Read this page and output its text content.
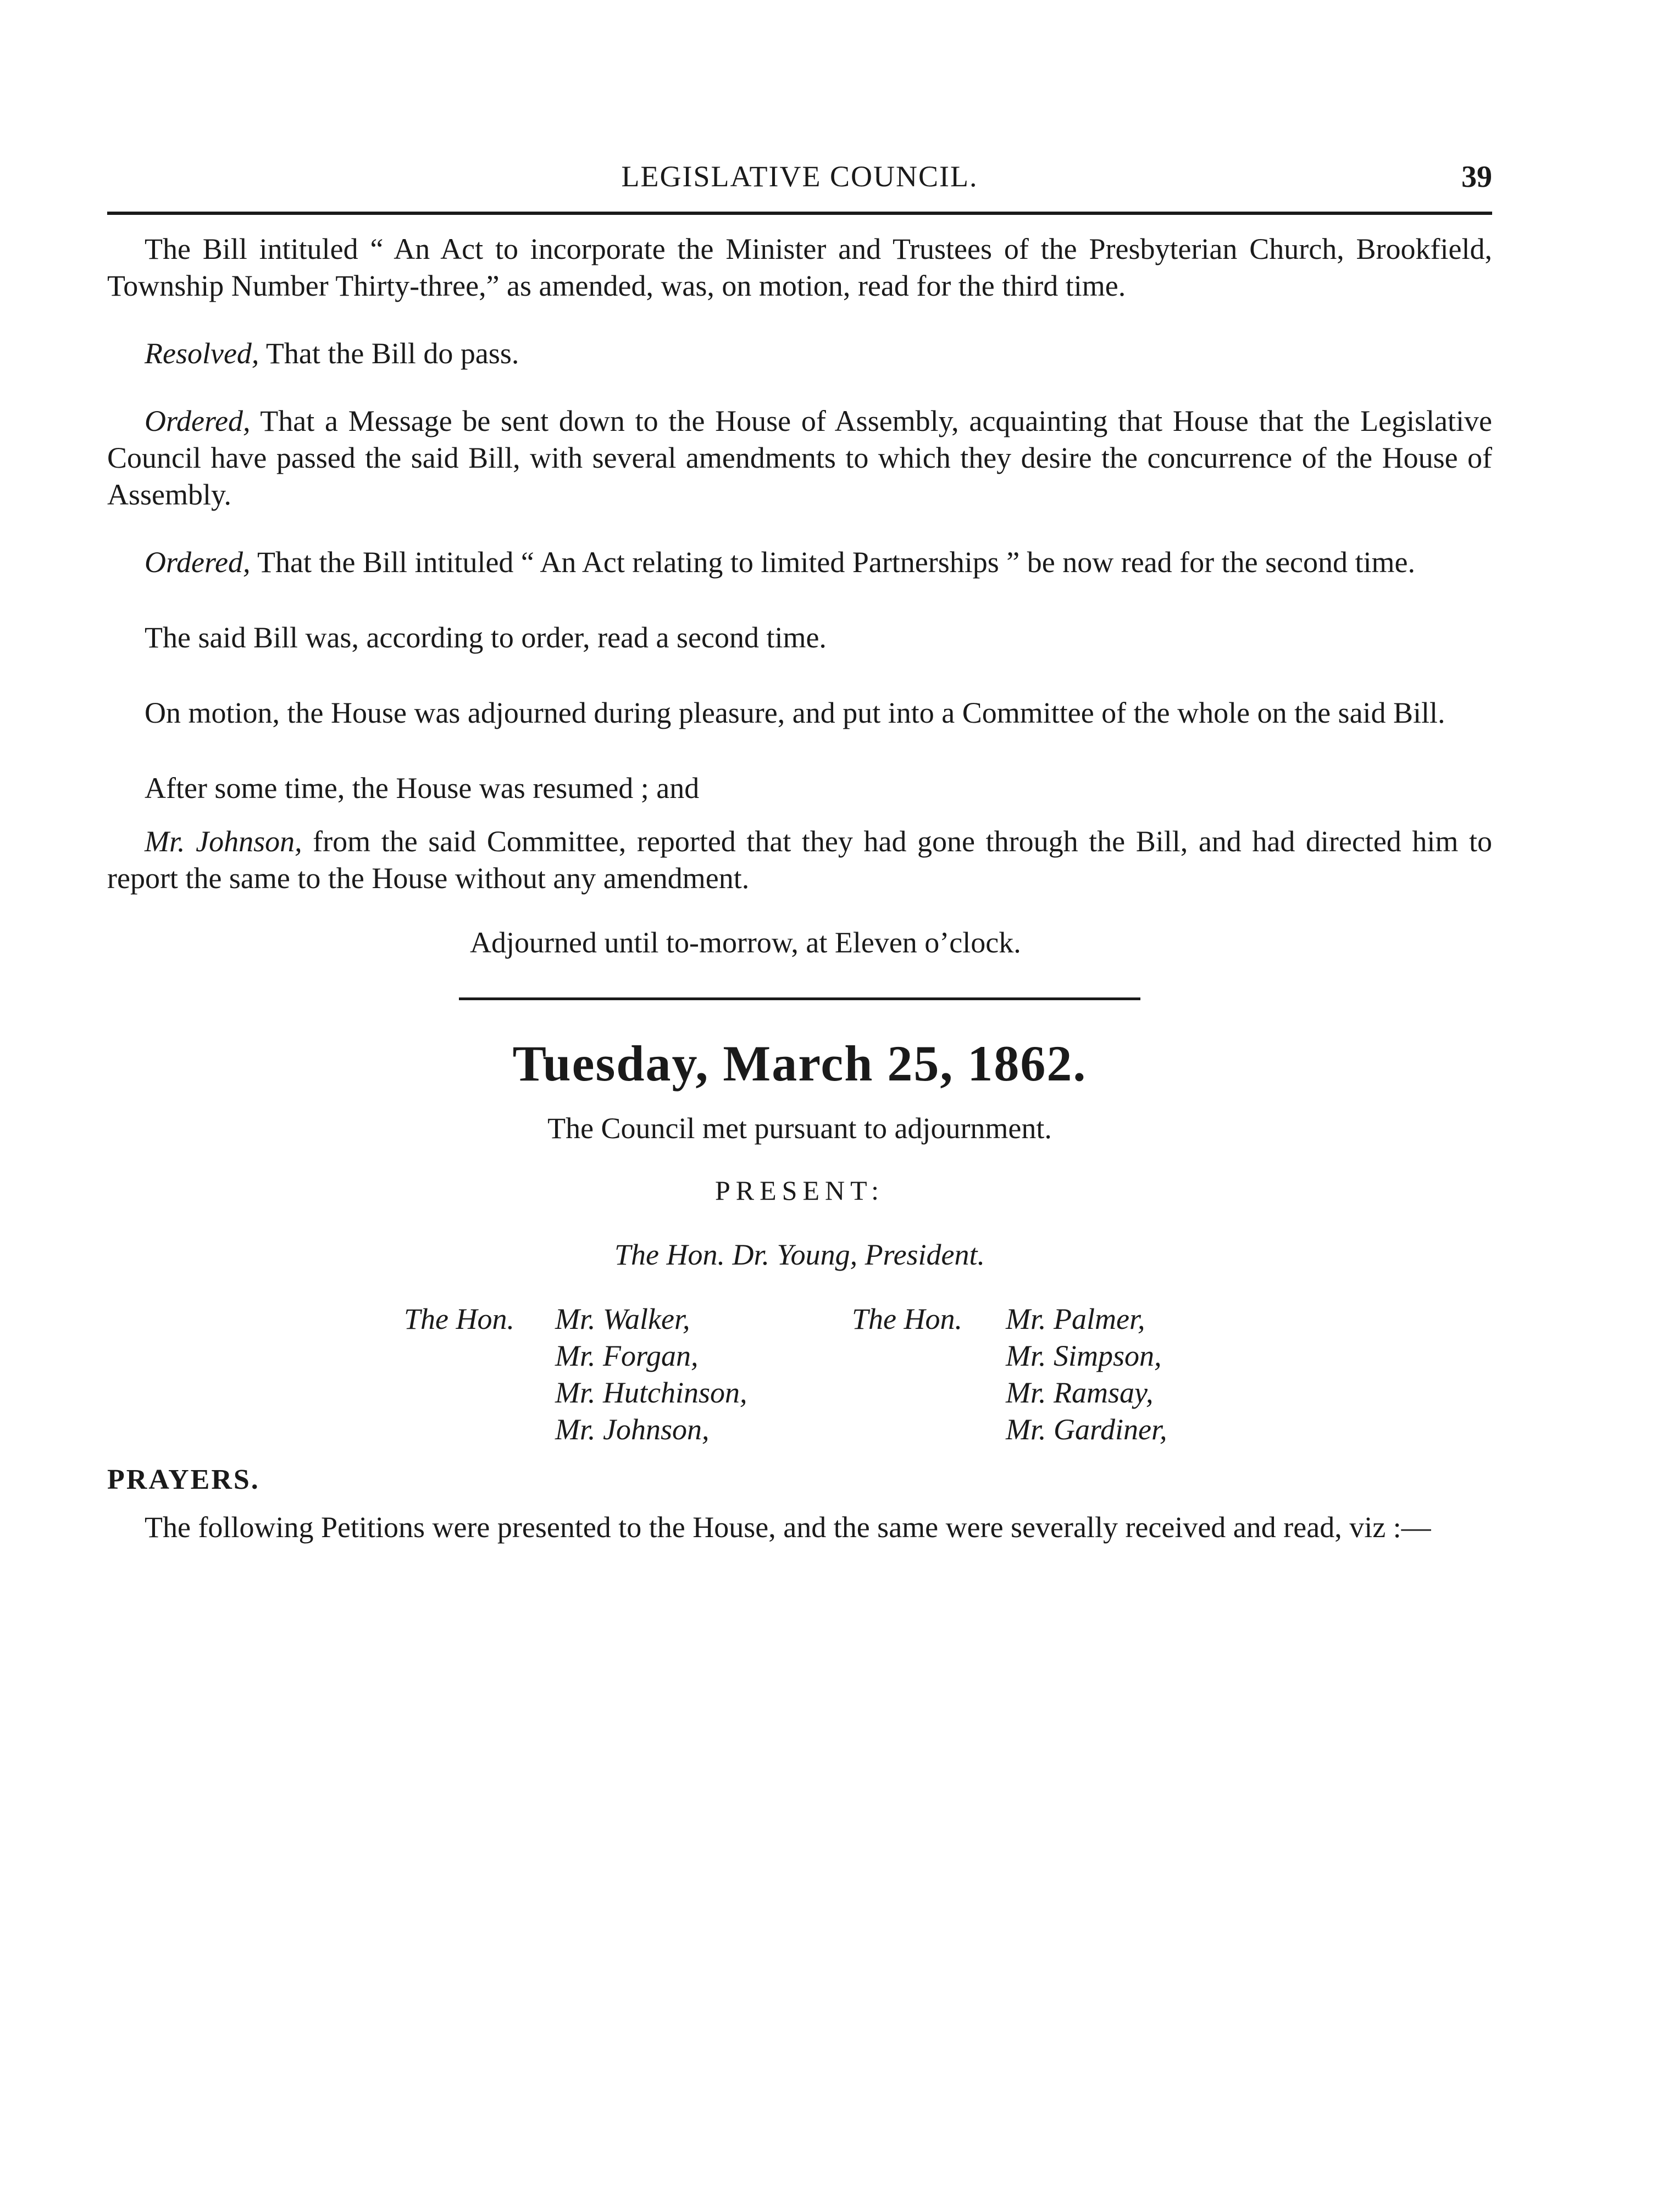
LEGISLATIVE COUNCIL.	39

The Bill intituled “ An Act to incorporate the Minister and Trustees of the Presbyterian Church, Brookfield, Township Number Thirty-three,” as amended, was, on motion, read for the third time.

Resolved, That the Bill do pass.

Ordered, That a Message be sent down to the House of Assembly, acquainting that House that the Legislative Council have passed the said Bill, with several amendments to which they desire the concurrence of the House of Assembly.

Ordered, That the Bill intituled “ An Act relating to limited Partnerships ” be now read for the second time.

The said Bill was, according to order, read a second time.

On motion, the House was adjourned during pleasure, and put into a Committee of the whole on the said Bill.

After some time, the House was resumed ; and

Mr. Johnson, from the said Committee, reported that they had gone through the Bill, and had directed him to report the same to the House without any amendment.

Adjourned until to-morrow, at Eleven o’clock.

Tuesday, March 25, 1862.
The Council met pursuant to adjournment.
PRESENT:
The Hon. Dr. Young, President.
The Hon. Mr. Walker,
Mr. Forgan,
Mr. Hutchinson,
Mr. Johnson,
The Hon. Mr. Palmer,
Mr. Simpson,
Mr. Ramsay,
Mr. Gardiner,

PRAYERS.

The following Petitions were presented to the House, and the same were severally received and read, viz :—
